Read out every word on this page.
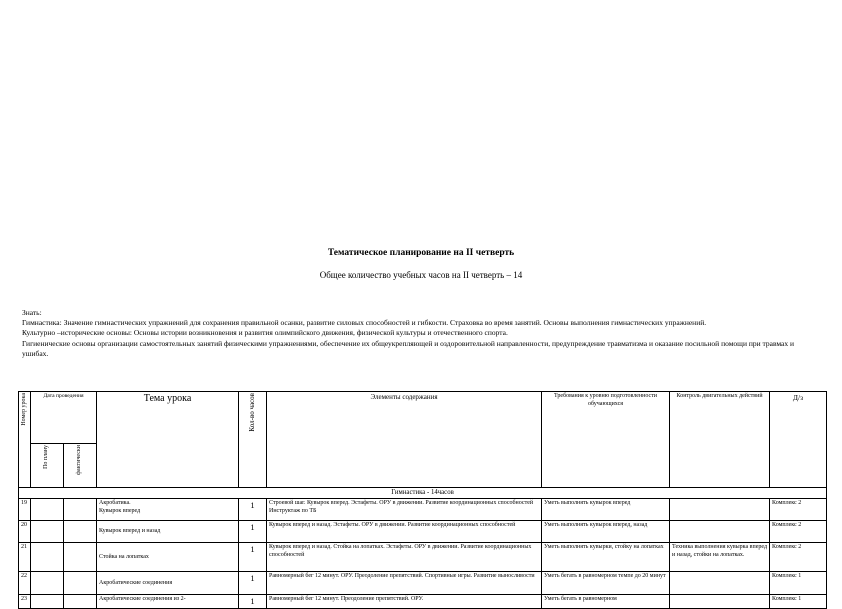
Тематическое планирование на II четверть
Общее количество учебных часов на II четверть – 14

Знать:

Гимнастика: Значение гимнастических упражнений для сохранения правильной осанки, развитие силовых способностей и гибкости. Страховка во время занятий. Основы выполнения гимнастических упражнений.

Культурно –исторические основы: Основы истории возникновения и развития олимпийского движения, физической культуры и отечественного спорта.

Гигиенические основы организации самостоятельных занятий физическими упражнениями, обеспечение их общеукрепляющей и оздоровительной направленности, предупреждение травматизма и оказание посильной помощи при травмах и ушибах.

Номер урока	Дата проведения		Тема урока	Кол-во часов	Элементы содержания	Требования к уровню подготовленности обучающихся	Контроль двигательных действий	Д/з

	По плану	фактически						

Гимнастика - 14часов								
19			Акробатика.
Кувырок вперед	1	Строевой шаг. Кувырок вперед. Эстафеты. ОРУ в движении. Развитие координационных способностей Инструктаж по ТБ	Уметь выполнять кувырок вперед		Комплекс 2
20			Кувырок вперед и назад	1	Кувырок вперед и назад. Эстафеты. ОРУ в движении. Развитие координационных способностей	Уметь выполнять кувырок вперед, назад		Комплекс 2
21			Стойка на лопатках	1	Кувырок вперед и назад. Стойка на лопатках. Эстафеты. ОРУ в движении. Развитие координационных способностей	Уметь выполнять кувырки, стойку на лопатках	Техника выполнения кувырка вперед и назад, стойки на лопатках.	Комплекс 2
22			Акробатические соединения	1	Равномерный бег 12 минут. ОРУ. Преодоление препятствий. Спортивные игры. Развитие выносливости	Уметь бегать в равномерном темпе до 20 минут		Комплекс 1
23			Акробатические соединения из 2-	1	Равномерный бег 12 минут. Преодоление препятствий. ОРУ.	Уметь бегать в равномерном		Комплекс 1
